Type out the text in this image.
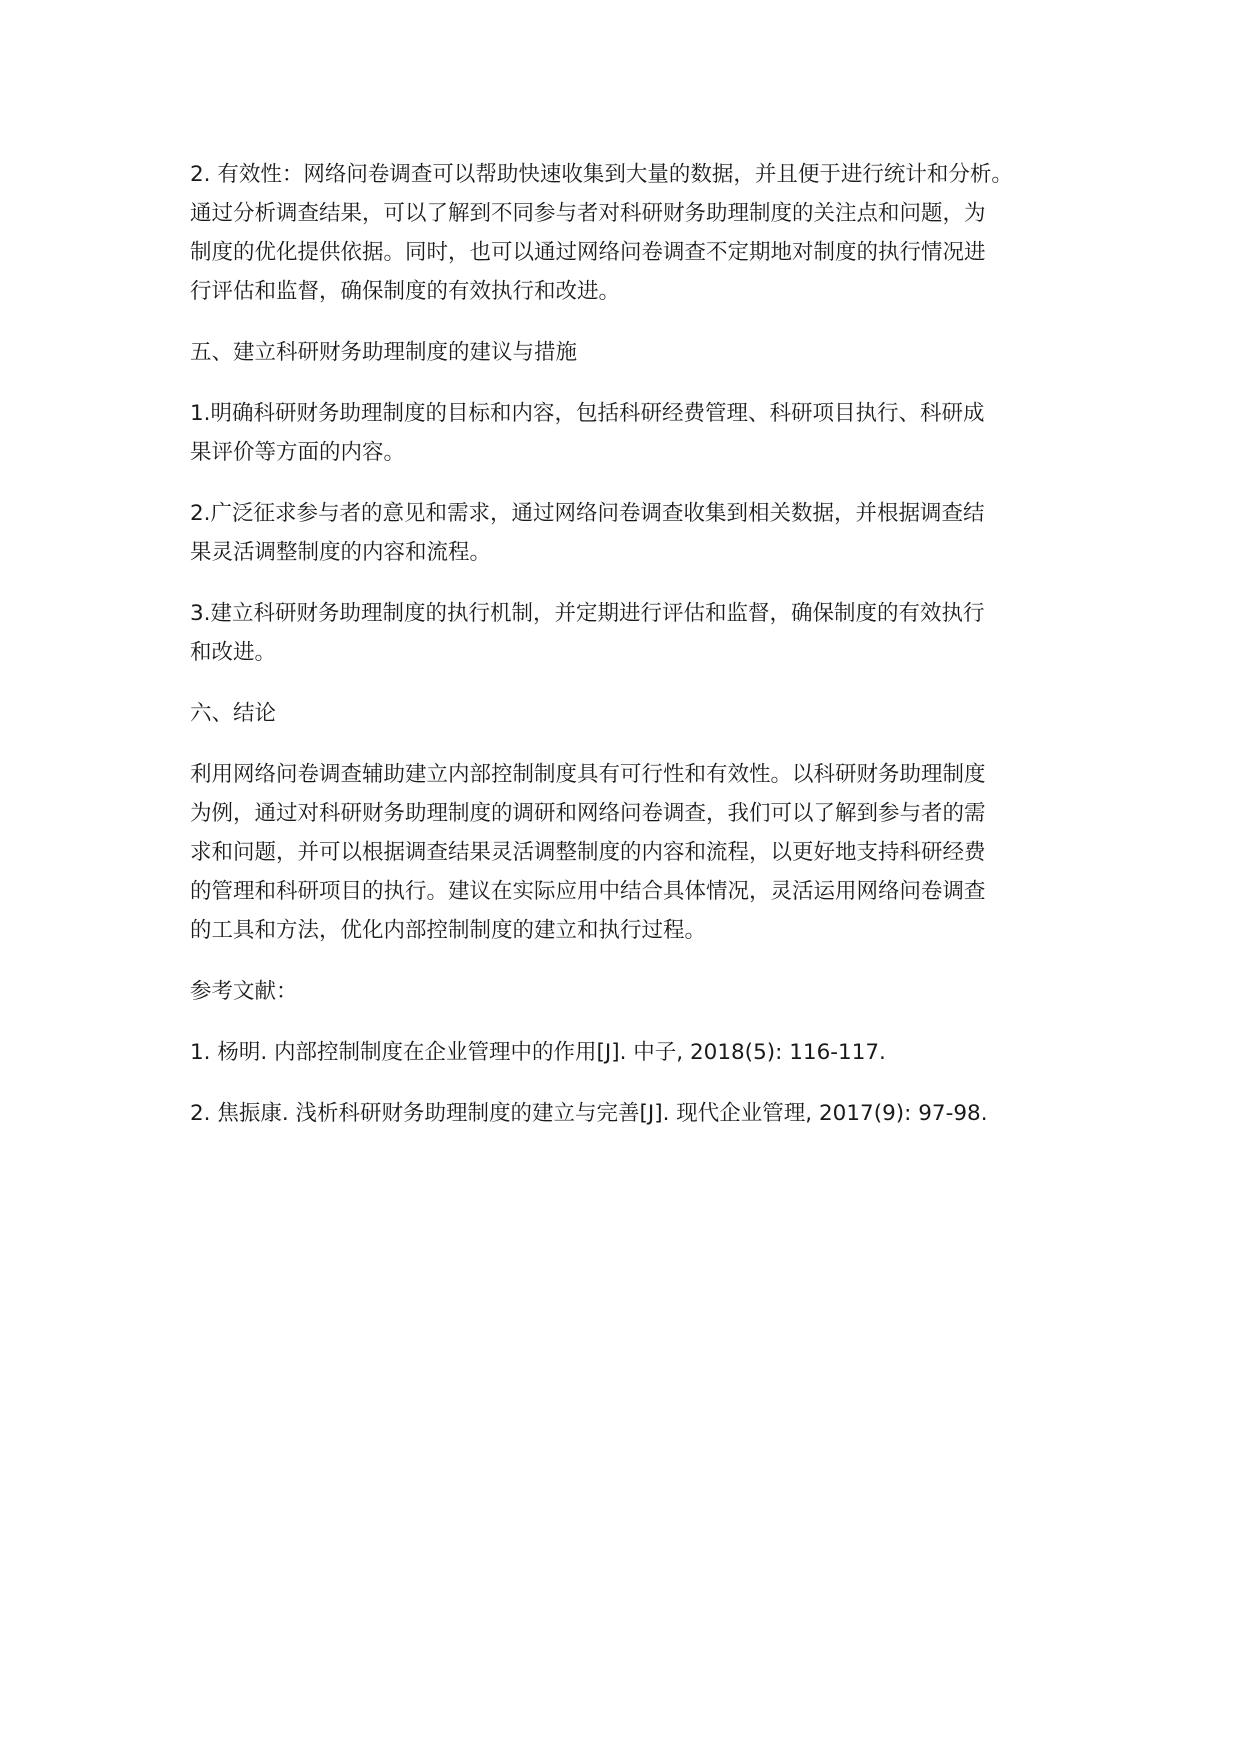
2. 有效性：网络问卷调查可以帮助快速收集到大量的数据，并且便于进行统计和分析。
通过分析调查结果，可以了解到不同参与者对科研财务助理制度的关注点和问题，为
制度的优化提供依据。同时，也可以通过网络问卷调查不定期地对制度的执行情况进
行评估和监督，确保制度的有效执行和改进。

五、建立科研财务助理制度的建议与措施

1.明确科研财务助理制度的目标和内容，包括科研经费管理、科研项目执行、科研成
果评价等方面的内容。

2.广泛征求参与者的意见和需求，通过网络问卷调查收集到相关数据，并根据调查结
果灵活调整制度的内容和流程。

3.建立科研财务助理制度的执行机制，并定期进行评估和监督，确保制度的有效执行
和改进。

六、结论

利用网络问卷调查辅助建立内部控制制度具有可行性和有效性。以科研财务助理制度
为例，通过对科研财务助理制度的调研和网络问卷调查，我们可以了解到参与者的需
求和问题，并可以根据调查结果灵活调整制度的内容和流程，以更好地支持科研经费
的管理和科研项目的执行。建议在实际应用中结合具体情况，灵活运用网络问卷调查
的工具和方法，优化内部控制制度的建立和执行过程。

参考文献：

1. 杨明. 内部控制制度在企业管理中的作用[J]. 中子, 2018(5): 116-117.

2. 焦振康. 浅析科研财务助理制度的建立与完善[J]. 现代企业管理, 2017(9): 97-98.
